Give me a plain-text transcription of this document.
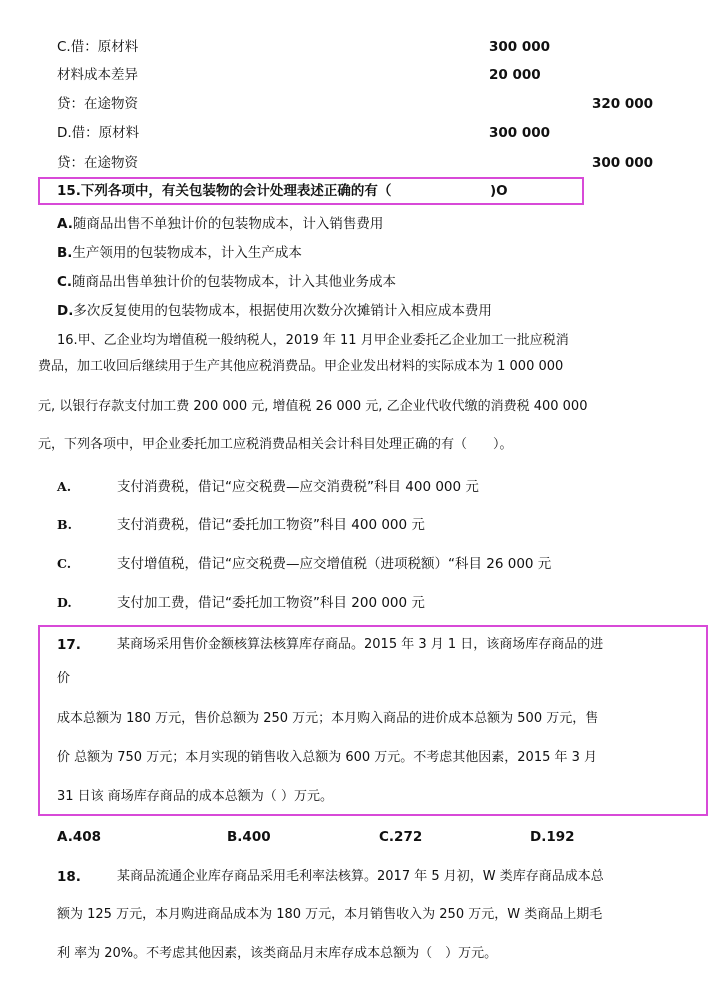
C.借：原材料	300 000
材料成本差异	20 000
贷：在途物资	320 000
D.借：原材料	300 000
贷：在途物资	300 000
15.下列各项中，有关包装物的会计处理表述正确的有（	)O
A.随商品出售不单独计价的包装物成本，计入销售费用
B.生产领用的包装物成本，计入生产成本
C.随商品出售单独计价的包装物成本，计入其他业务成本
D.多次反复使用的包装物成本，根据使用次数分次摊销计入相应成本费用
16.甲、乙企业均为增值税一般纳税人，2019 年 11 月甲企业委托乙企业加工一批应税消
费品，加工收回后继续用于生产其他应税消费品。甲企业发出材料的实际成本为 1 000 000
元, 以银行存款支付加工费 200 000 元, 增值税 26 000 元, 乙企业代收代缴的消费税 400 000
元，下列各项中，甲企业委托加工应税消费品相关会计科目处理正确的有（　　）。
A.	支付消费税，借记“应交税费—应交消费税”科目 400 000 元
B.	支付消费税，借记“委托加工物资”科目 400 000 元
C.	支付增值税，借记“应交税费—应交增值税（进项税额）“科目 26 000 元
D.	支付加工费，借记“委托加工物资”科目 200 000 元
17.	某商场采用售价金额核算法核算库存商品。2015 年 3 月 1 日，该商场库存商品的进
价
成本总额为 180 万元，售价总额为 250 万元；本月购入商品的进价成本总额为 500 万元，售
价 总额为 750 万元；本月实现的销售收入总额为 600 万元。不考虑其他因素，2015 年 3 月
31 日该 商场库存商品的成本总额为（ ）万元。
A.408	B.400	C.272	D.192
18.	某商品流通企业库存商品采用毛利率法核算。2017 年 5 月初，W 类库存商品成本总
额为 125 万元，本月购进商品成本为 180 万元，本月销售收入为 250 万元，W 类商品上期毛
利 率为 20%。不考虑其他因素，该类商品月末库存成本总额为（　）万元。
